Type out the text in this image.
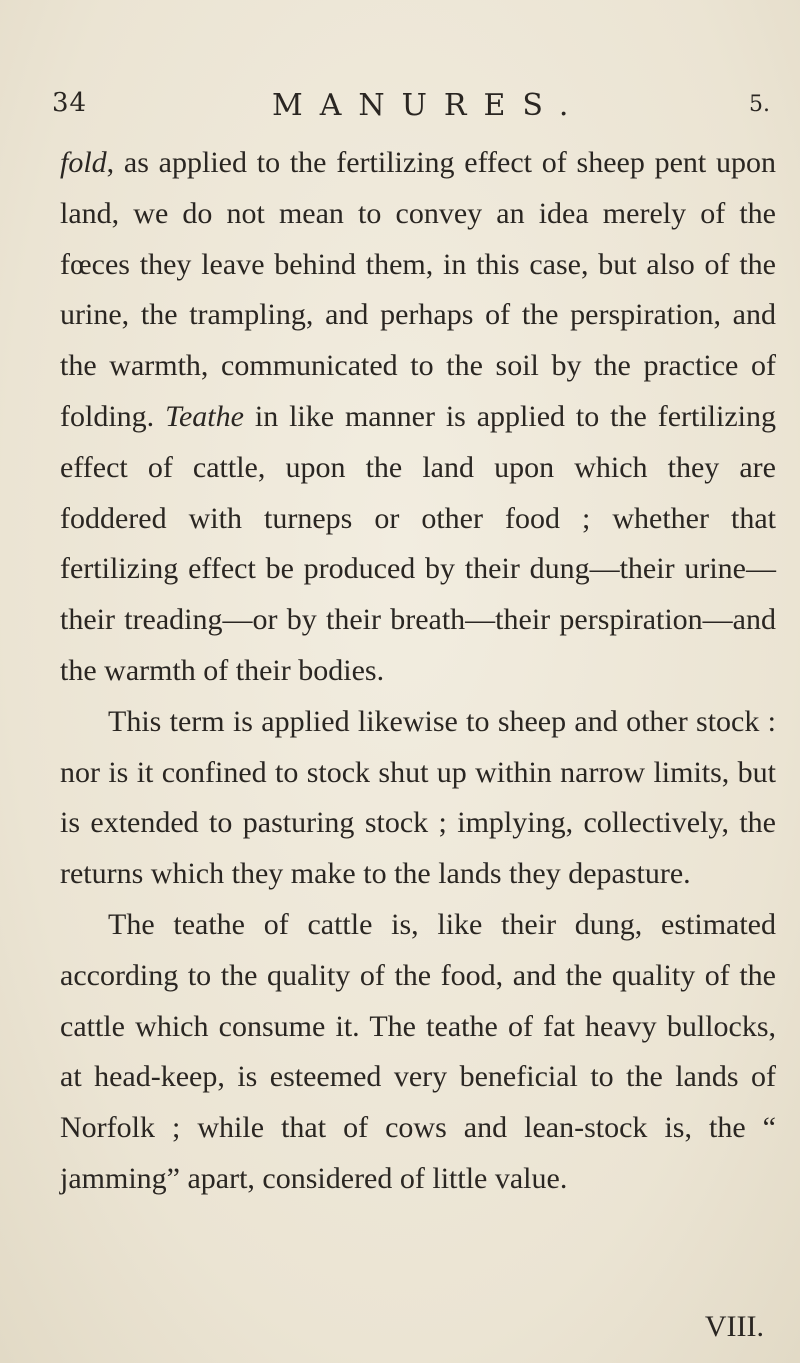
34	MANURES.	5.

fold, as applied to the fertilizing effect of sheep pent upon land, we do not mean to convey an idea merely of the fœces they leave behind them, in this case, but also of the urine, the trampling, and perhaps of the perspiration, and the warmth, communicated to the soil by the practice of folding. Teathe in like manner is applied to the fertilizing effect of cattle, upon the land upon which they are foddered with turneps or other food ; whether that fertilizing effect be produced by their dung—their urine—their treading—or by their breath—their perspiration—and the warmth of their bodies.

This term is applied likewise to sheep and other stock : nor is it confined to stock shut up within narrow limits, but is extended to pasturing stock ; implying, collectively, the returns which they make to the lands they depasture.

The teathe of cattle is, like their dung, estimated according to the quality of the food, and the quality of the cattle which consume it. The teathe of fat heavy bullocks, at head-keep, is esteemed very beneficial to the lands of Norfolk ; while that of cows and lean-stock is, the “ jamming” apart, considered of little value.

VIII.
